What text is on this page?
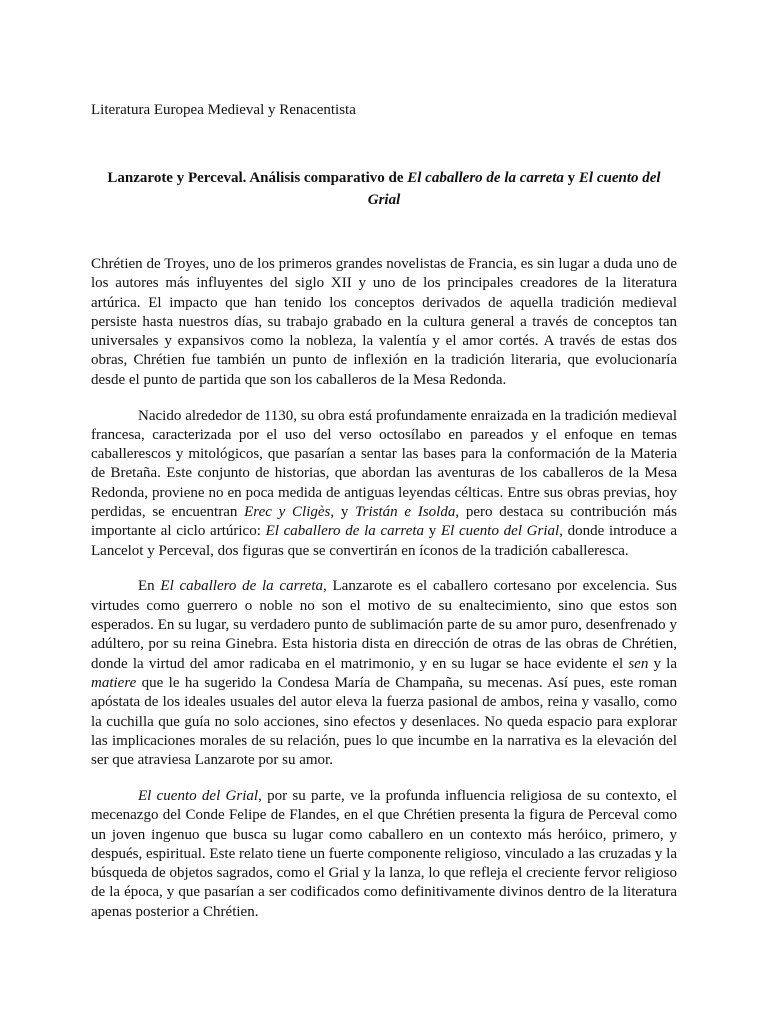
Literatura Europea Medieval y Renacentista

Lanzarote y Perceval. Análisis comparativo de El caballero de la carreta y El cuento del Grial

Chrétien de Troyes, uno de los primeros grandes novelistas de Francia, es sin lugar a duda uno de los autores más influyentes del siglo XII y uno de los principales creadores de la literatura artúrica. El impacto que han tenido los conceptos derivados de aquella tradición medieval persiste hasta nuestros días, su trabajo grabado en la cultura general a través de conceptos tan universales y expansivos como la nobleza, la valentía y el amor cortés. A través de estas dos obras, Chrétien fue también un punto de inflexión en la tradición literaria, que evolucionaría desde el punto de partida que son los caballeros de la Mesa Redonda.

Nacido alrededor de 1130, su obra está profundamente enraizada en la tradición medieval francesa, caracterizada por el uso del verso octosílabo en pareados y el enfoque en temas caballerescos y mitológicos, que pasarían a sentar las bases para la conformación de la Materia de Bretaña. Este conjunto de historias, que abordan las aventuras de los caballeros de la Mesa Redonda, proviene no en poca medida de antiguas leyendas célticas. Entre sus obras previas, hoy perdidas, se encuentran Erec y Cligès, y Tristán e Isolda, pero destaca su contribución más importante al ciclo artúrico: El caballero de la carreta y El cuento del Grial, donde introduce a Lancelot y Perceval, dos figuras que se convertirán en íconos de la tradición caballeresca.

En El caballero de la carreta, Lanzarote es el caballero cortesano por excelencia. Sus virtudes como guerrero o noble no son el motivo de su enaltecimiento, sino que estos son esperados. En su lugar, su verdadero punto de sublimación parte de su amor puro, desenfrenado y adúltero, por su reina Ginebra. Esta historia dista en dirección de otras de las obras de Chrétien, donde la virtud del amor radicaba en el matrimonio, y en su lugar se hace evidente el sen y la matiere que le ha sugerido la Condesa María de Champaña, su mecenas. Así pues, este roman apóstata de los ideales usuales del autor eleva la fuerza pasional de ambos, reina y vasallo, como la cuchilla que guía no solo acciones, sino efectos y desenlaces. No queda espacio para explorar las implicaciones morales de su relación, pues lo que incumbe en la narrativa es la elevación del ser que atraviesa Lanzarote por su amor.

El cuento del Grial, por su parte, ve la profunda influencia religiosa de su contexto, el mecenazgo del Conde Felipe de Flandes, en el que Chrétien presenta la figura de Perceval como un joven ingenuo que busca su lugar como caballero en un contexto más heróico, primero, y después, espiritual. Este relato tiene un fuerte componente religioso, vinculado a las cruzadas y la búsqueda de objetos sagrados, como el Grial y la lanza, lo que refleja el creciente fervor religioso de la época, y que pasarían a ser codificados como definitivamente divinos dentro de la literatura apenas posterior a Chrétien.
